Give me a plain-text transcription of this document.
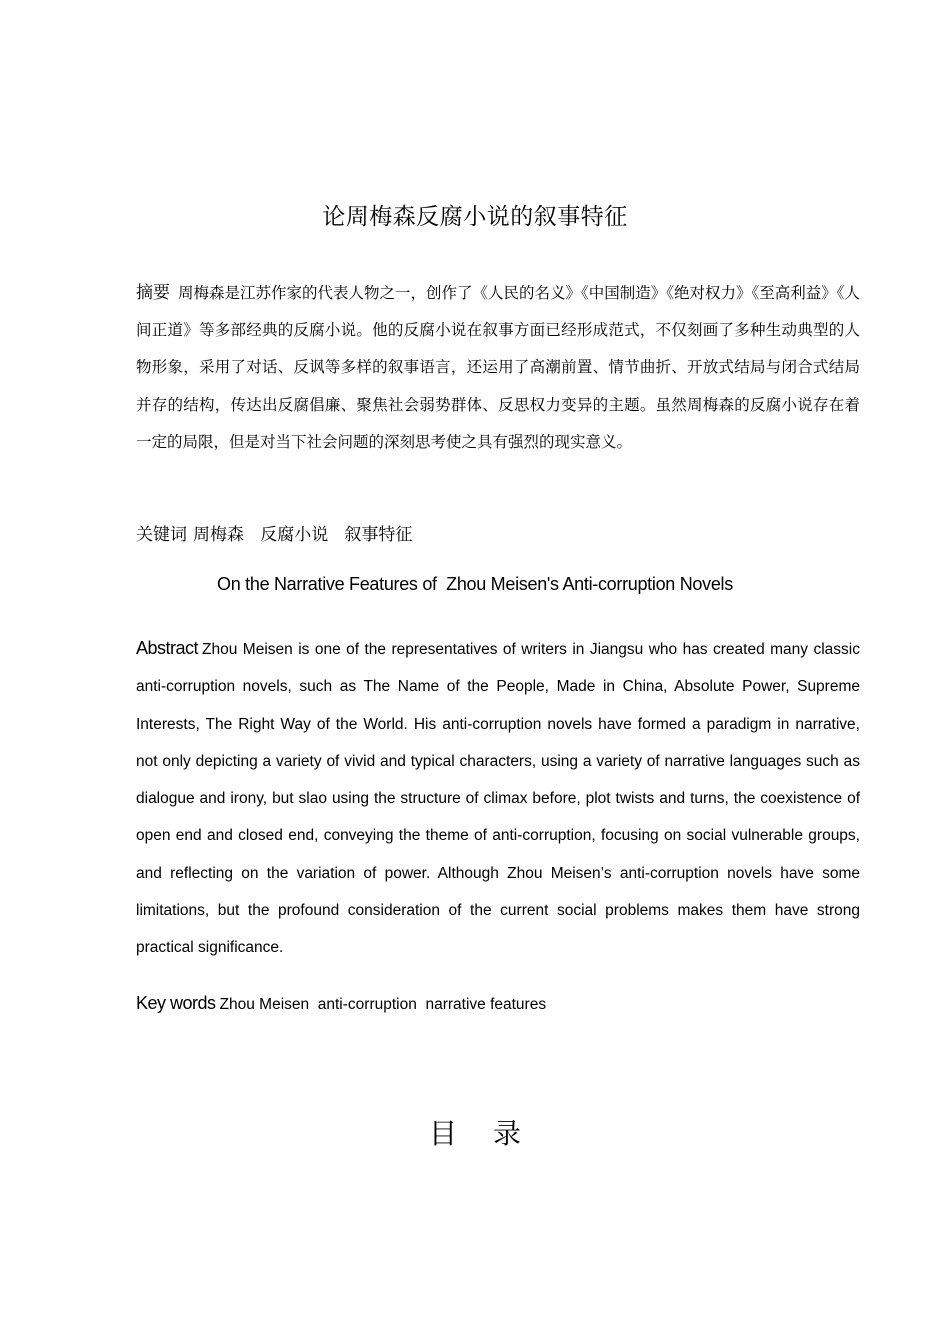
论周梅森反腐小说的叙事特征

摘要 周梅森是江苏作家的代表人物之一，创作了《人民的名义》《中国制造》《绝对权力》《至高利益》《人间正道》等多部经典的反腐小说。他的反腐小说在叙事方面已经形成范式，不仅刻画了多种生动典型的人物形象，采用了对话、反讽等多样的叙事语言，还运用了高潮前置、情节曲折、开放式结局与闭合式结局并存的结构，传达出反腐倡廉、聚焦社会弱势群体、反思权力变异的主题。虽然周梅森的反腐小说存在着一定的局限，但是对当下社会问题的深刻思考使之具有强烈的现实意义。

关键词 周梅森   反腐小说   叙事特征

On the Narrative Features of  Zhou Meisen's Anti-corruption Novels

Abstract Zhou Meisen is one of the representatives of writers in Jiangsu who has created many classic anti-corruption novels, such as The Name of the People, Made in China, Absolute Power, Supreme Interests, The Right Way of the World. His anti-corruption novels have formed a paradigm in narrative, not only depicting a variety of vivid and typical characters, using a variety of narrative languages such as dialogue and irony, but slao using the structure of climax before, plot twists and turns, the coexistence of open end and closed end, conveying the theme of anti-corruption, focusing on social vulnerable groups, and reflecting on the variation of power. Although Zhou Meisen’s anti-corruption novels have some limitations, but the profound consideration of the current social problems makes them have strong practical significance.

Key words Zhou Meisen  anti-corruption  narrative features

目录
